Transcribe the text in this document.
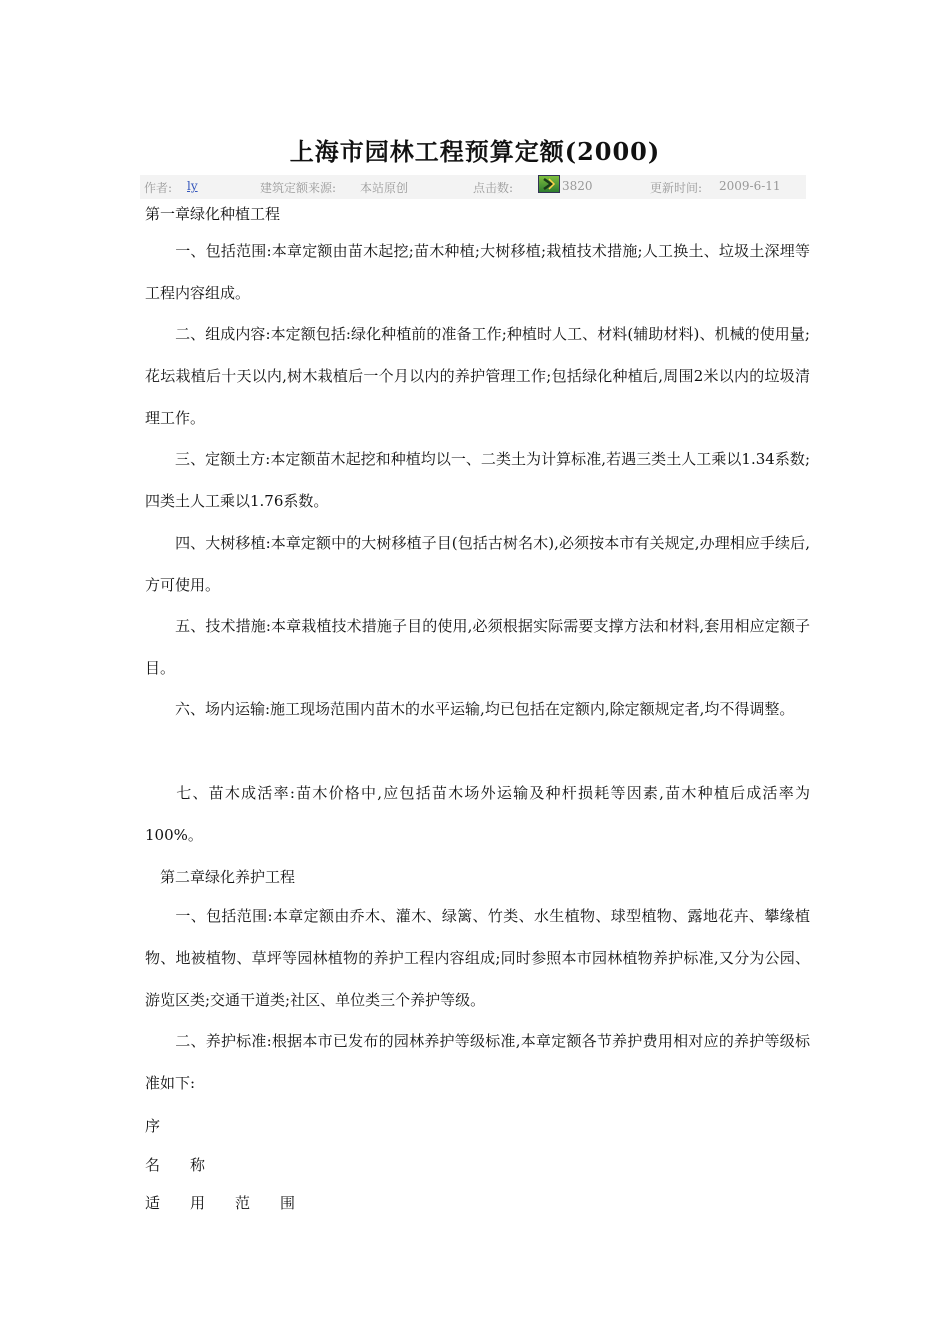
上海市园林工程预算定额(2000)
作者: ly	建筑定额来源: 本站原创	点击数:	3820	更新时间: 2009-6-11
第一章绿化种植工程
一、包括范围:本章定额由苗木起挖;苗木种植;大树移植;栽植技术措施;人工换土、垃圾土深埋等工程内容组成。
二、组成内容:本定额包括:绿化种植前的准备工作;种植时人工、材料(辅助材料)、机械的使用量;花坛栽植后十天以内,树木栽植后一个月以内的养护管理工作;包括绿化种植后,周围2米以内的垃圾清理工作。
三、定额土方:本定额苗木起挖和种植均以一、二类土为计算标准,若遇三类土人工乘以1.34系数;四类土人工乘以1.76系数。
四、大树移植:本章定额中的大树移植子目(包括古树名木),必须按本市有关规定,办理相应手续后,方可使用。
五、技术措施:本章栽植技术措施子目的使用,必须根据实际需要支撑方法和材料,套用相应定额子目。
六、场内运输:施工现场范围内苗木的水平运输,均已包括在定额内,除定额规定者,均不得调整。
七、苗木成活率:苗木价格中,应包括苗木场外运输及种杆损耗等因素,苗木种植后成活率为100%。
第二章绿化养护工程
一、包括范围:本章定额由乔木、灌木、绿篱、竹类、水生植物、球型植物、露地花卉、攀缘植物、地被植物、草坪等园林植物的养护工程内容组成;同时参照本市园林植物养护标准,又分为公园、游览区类;交通干道类;社区、单位类三个养护等级。
二、养护标准:根据本市已发布的园林养护等级标准,本章定额各节养护费用相对应的养护等级标准如下:
序
名　　称
适　　用　　范　　围
